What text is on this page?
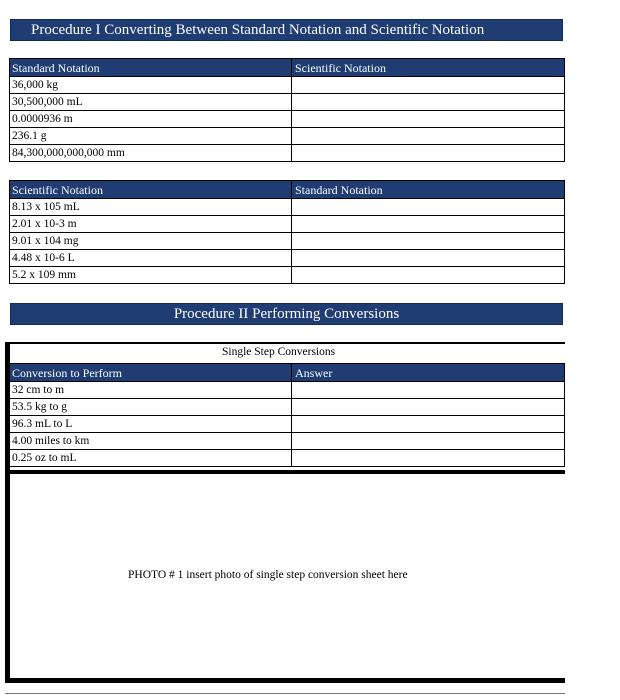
Procedure I Converting Between Standard Notation and Scientific Notation
Standard Notation	Scientific Notation
36,000 kg	
30,500,000 mL	
0.0000936 m	
236.1 g	
84,300,000,000,000 mm	
Scientific Notation	Standard Notation
8.13 x 105 mL	
2.01 x 10-3 m	
9.01 x 104 mg	
4.48 x 10-6 L	
5.2 x 109 mm	
Procedure II Performing Conversions
Single Step Conversions
Conversion to Perform	Answer
32 cm to m	
53.5 kg to g	
96.3 mL to L	
4.00 miles to km	
0.25 oz to mL	
PHOTO # 1 insert photo of single step conversion sheet here
